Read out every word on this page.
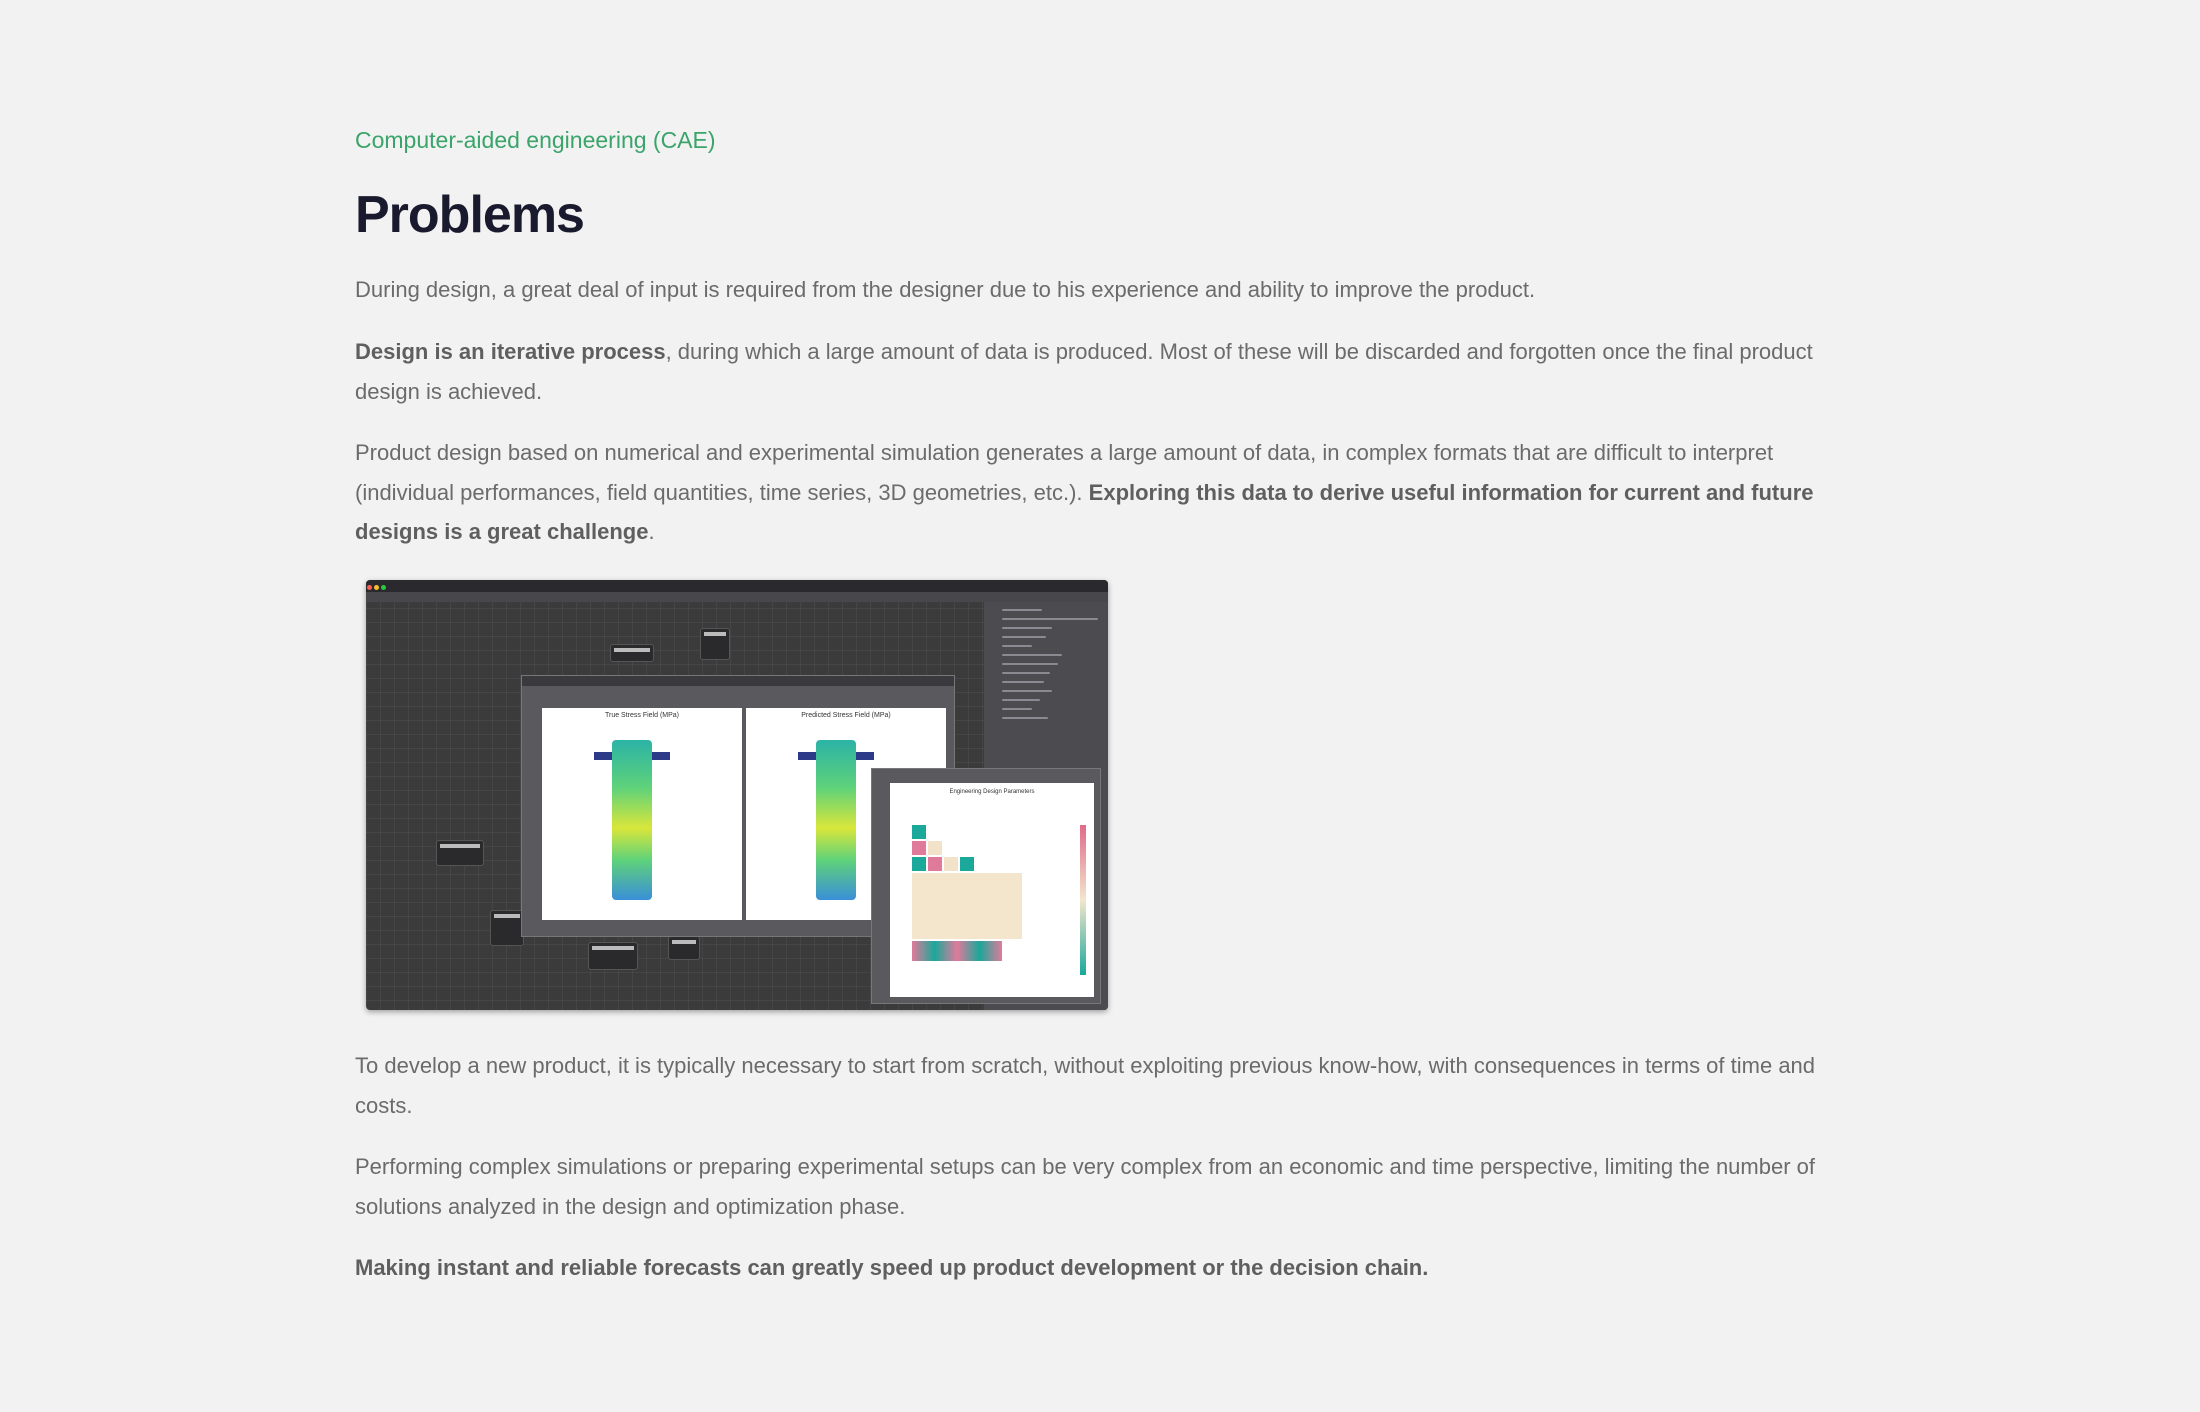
Computer-aided engineering (CAE)
Problems

During design, a great deal of input is required from the designer due to his experience and ability to improve the product.

Design is an iterative process, during which a large amount of data is produced. Most of these will be discarded and forgotten once the final product design is achieved.

Product design based on numerical and experimental simulation generates a large amount of data, in complex formats that are difficult to interpret (individual performances, field quantities, time series, 3D geometries, etc.). Exploring this data to derive useful information for current and future designs is a great challenge.

To develop a new product, it is typically necessary to start from scratch, without exploiting previous know-how, with consequences in terms of time and costs.

Performing complex simulations or preparing experimental setups can be very complex from an economic and time perspective, limiting the number of solutions analyzed in the design and optimization phase.

Making instant and reliable forecasts can greatly speed up product development or the decision chain.

True Stress Field (MPa)	Predicted Stress Field (MPa)
Engineering Design Parameters
